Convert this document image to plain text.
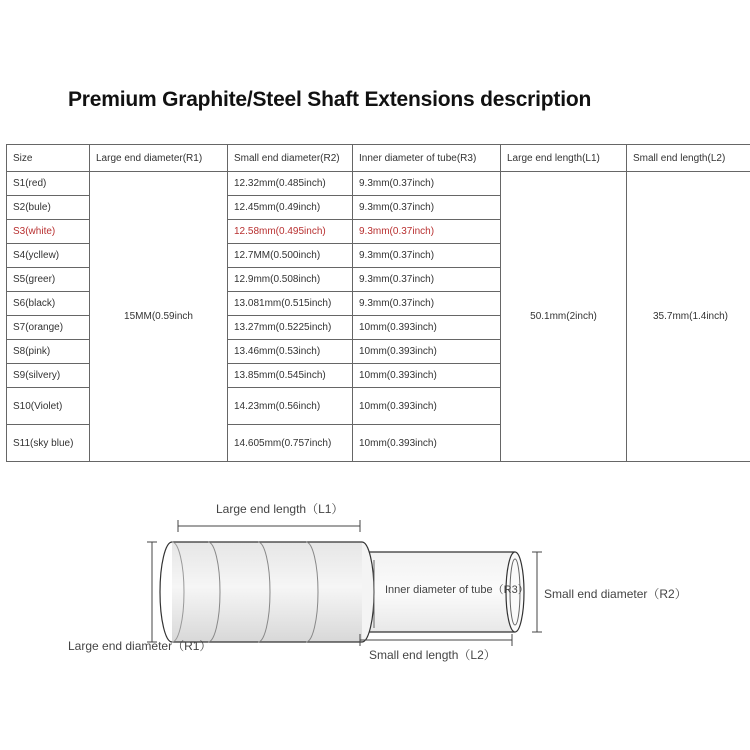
Premium Graphite/Steel Shaft Extensions description
Size	Large end diameter(R1)	Small end diameter(R2)	Inner diameter of tube(R3)	Large end length(L1)	Small end length(L2)
S1(red)	15MM(0.59inch	12.32mm(0.485inch)	9.3mm(0.37inch)	50.1mm(2inch)	35.7mm(1.4inch)
S2(bule)		12.45mm(0.49inch)	9.3mm(0.37inch)		
S3(white)		12.58mm(0.495inch)	9.3mm(0.37inch)		
S4(ycllew)		12.7MM(0.500inch)	9.3mm(0.37inch)		
S5(greer)		12.9mm(0.508inch)	9.3mm(0.37inch)		
S6(black)		13.081mm(0.515inch)	9.3mm(0.37inch)		
S7(orange)		13.27mm(0.5225inch)	10mm(0.393inch)		
S8(pink)		13.46mm(0.53inch)	10mm(0.393inch)		
S9(silvery)		13.85mm(0.545inch)	10mm(0.393inch)		
S10(Violet)		14.23mm(0.56inch)	10mm(0.393inch)		
S11(sky blue)		14.605mm(0.757inch)	10mm(0.393inch)		
Large end length（L1）
Large end diameter（R1）
Inner diameter of tube（R3） Small end diameter（R2）
Small end length（L2）
